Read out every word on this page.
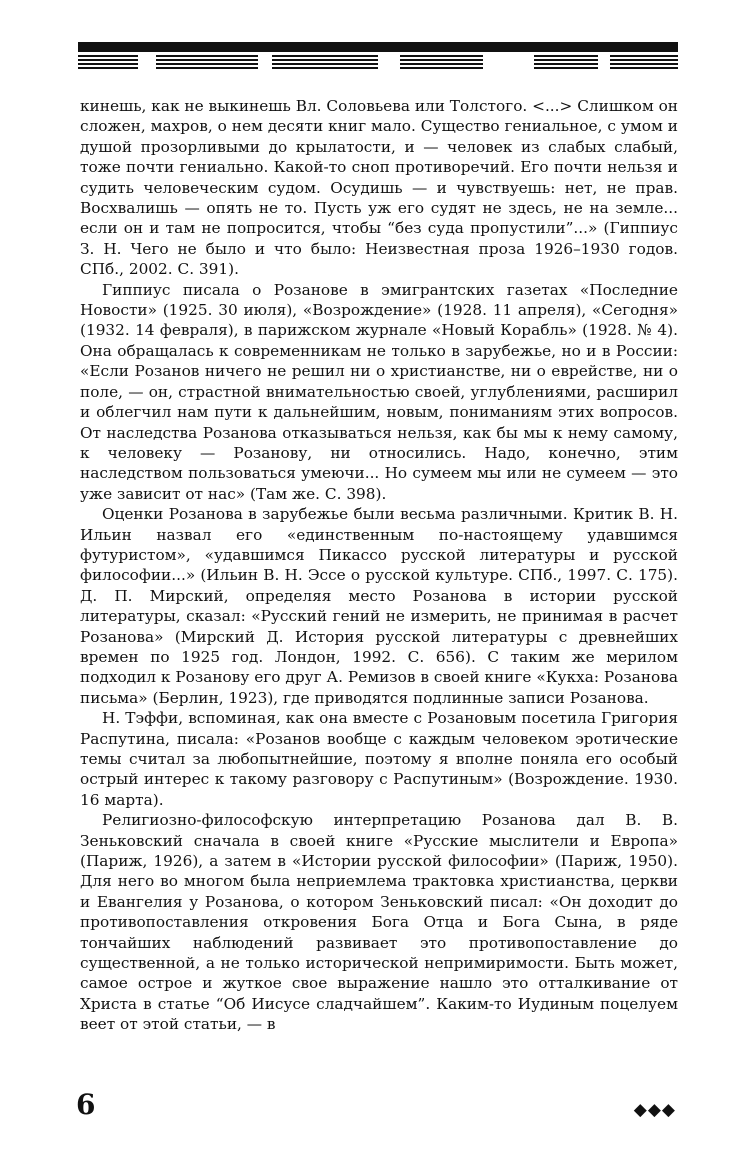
кинешь, как не выкинешь Вл. Соловьева или Толстого. <...> Слишком он сложен, махров, о нем десяти книг мало. Существо гениальное, с умом и душой прозорливыми до крылатости, и — человек из слабых слабый, тоже почти гениально. Какой-то сноп противоречий. Его почти нельзя и судить человеческим судом. Осудишь — и чувствуешь: нет, не прав. Восхвалишь — опять не то. Пусть уж его судят не здесь, не на земле... если он и там не попросится, чтобы “без суда пропустили”...» (Гиппиус З. Н. Чего не было и что было: Неизвестная проза 1926–1930 годов. СПб., 2002. С. 391).

Гиппиус писала о Розанове в эмигрантских газетах «Последние Новости» (1925. 30 июля), «Возрождение» (1928. 11 апреля), «Сегодня» (1932. 14 февраля), в парижском журнале «Новый Корабль» (1928. № 4). Она обращалась к современникам не только в зарубежье, но и в России: «Если Розанов ничего не решил ни о христианстве, ни о еврействе, ни о поле, — он, страстной внимательностью своей, углублениями, расширил и облегчил нам пути к дальнейшим, новым, пониманиям этих вопросов. От наследства Розанова отказываться нельзя, как бы мы к нему самому, к человеку — Розанову, ни относились. Надо, конечно, этим наследством пользоваться умеючи... Но сумеем мы или не сумеем — это уже зависит от нас» (Там же. С. 398).

Оценки Розанова в зарубежье были весьма различными. Критик В. Н. Ильин назвал его «единственным по-настоящему удавшимся футуристом», «удавшимся Пикассо русской литературы и русской философии...» (Ильин В. Н. Эссе о русской культуре. СПб., 1997. С. 175). Д. П. Мирский, определяя место Розанова в истории русской литературы, сказал: «Русский гений не измерить, не принимая в расчет Розанова» (Мирский Д. История русской литературы с древнейших времен по 1925 год. Лондон, 1992. С. 656). С таким же мерилом подходил к Розанову его друг А. Ремизов в своей книге «Кукха: Розанова письма» (Берлин, 1923), где приводятся подлинные записи Розанова.

Н. Тэффи, вспоминая, как она вместе с Розановым посетила Григория Распутина, писала: «Розанов вообще с каждым человеком эротические темы считал за любопытнейшие, поэтому я вполне поняла его особый острый интерес к такому разговору с Распутиным» (Возрождение. 1930. 16 марта).

Религиозно-философскую интерпретацию Розанова дал В. В. Зеньковский сначала в своей книге «Русские мыслители и Европа» (Париж, 1926), а затем в «Истории русской философии» (Париж, 1950). Для него во многом была неприемлема трактовка христианства, церкви и Евангелия у Розанова, о котором Зеньковский писал: «Он доходит до противопоставления откровения Бога Отца и Бога Сына, в ряде тончайших наблюдений развивает это противопоставление до существенной, а не только исторической непримиримости. Быть может, самое острое и жуткое свое выражение нашло это отталкивание от Христа в статье “Об Иисусе сладчайшем”. Каким-то Иудиным поцелуем веет от этой статьи, — в

6	◆◆◆
